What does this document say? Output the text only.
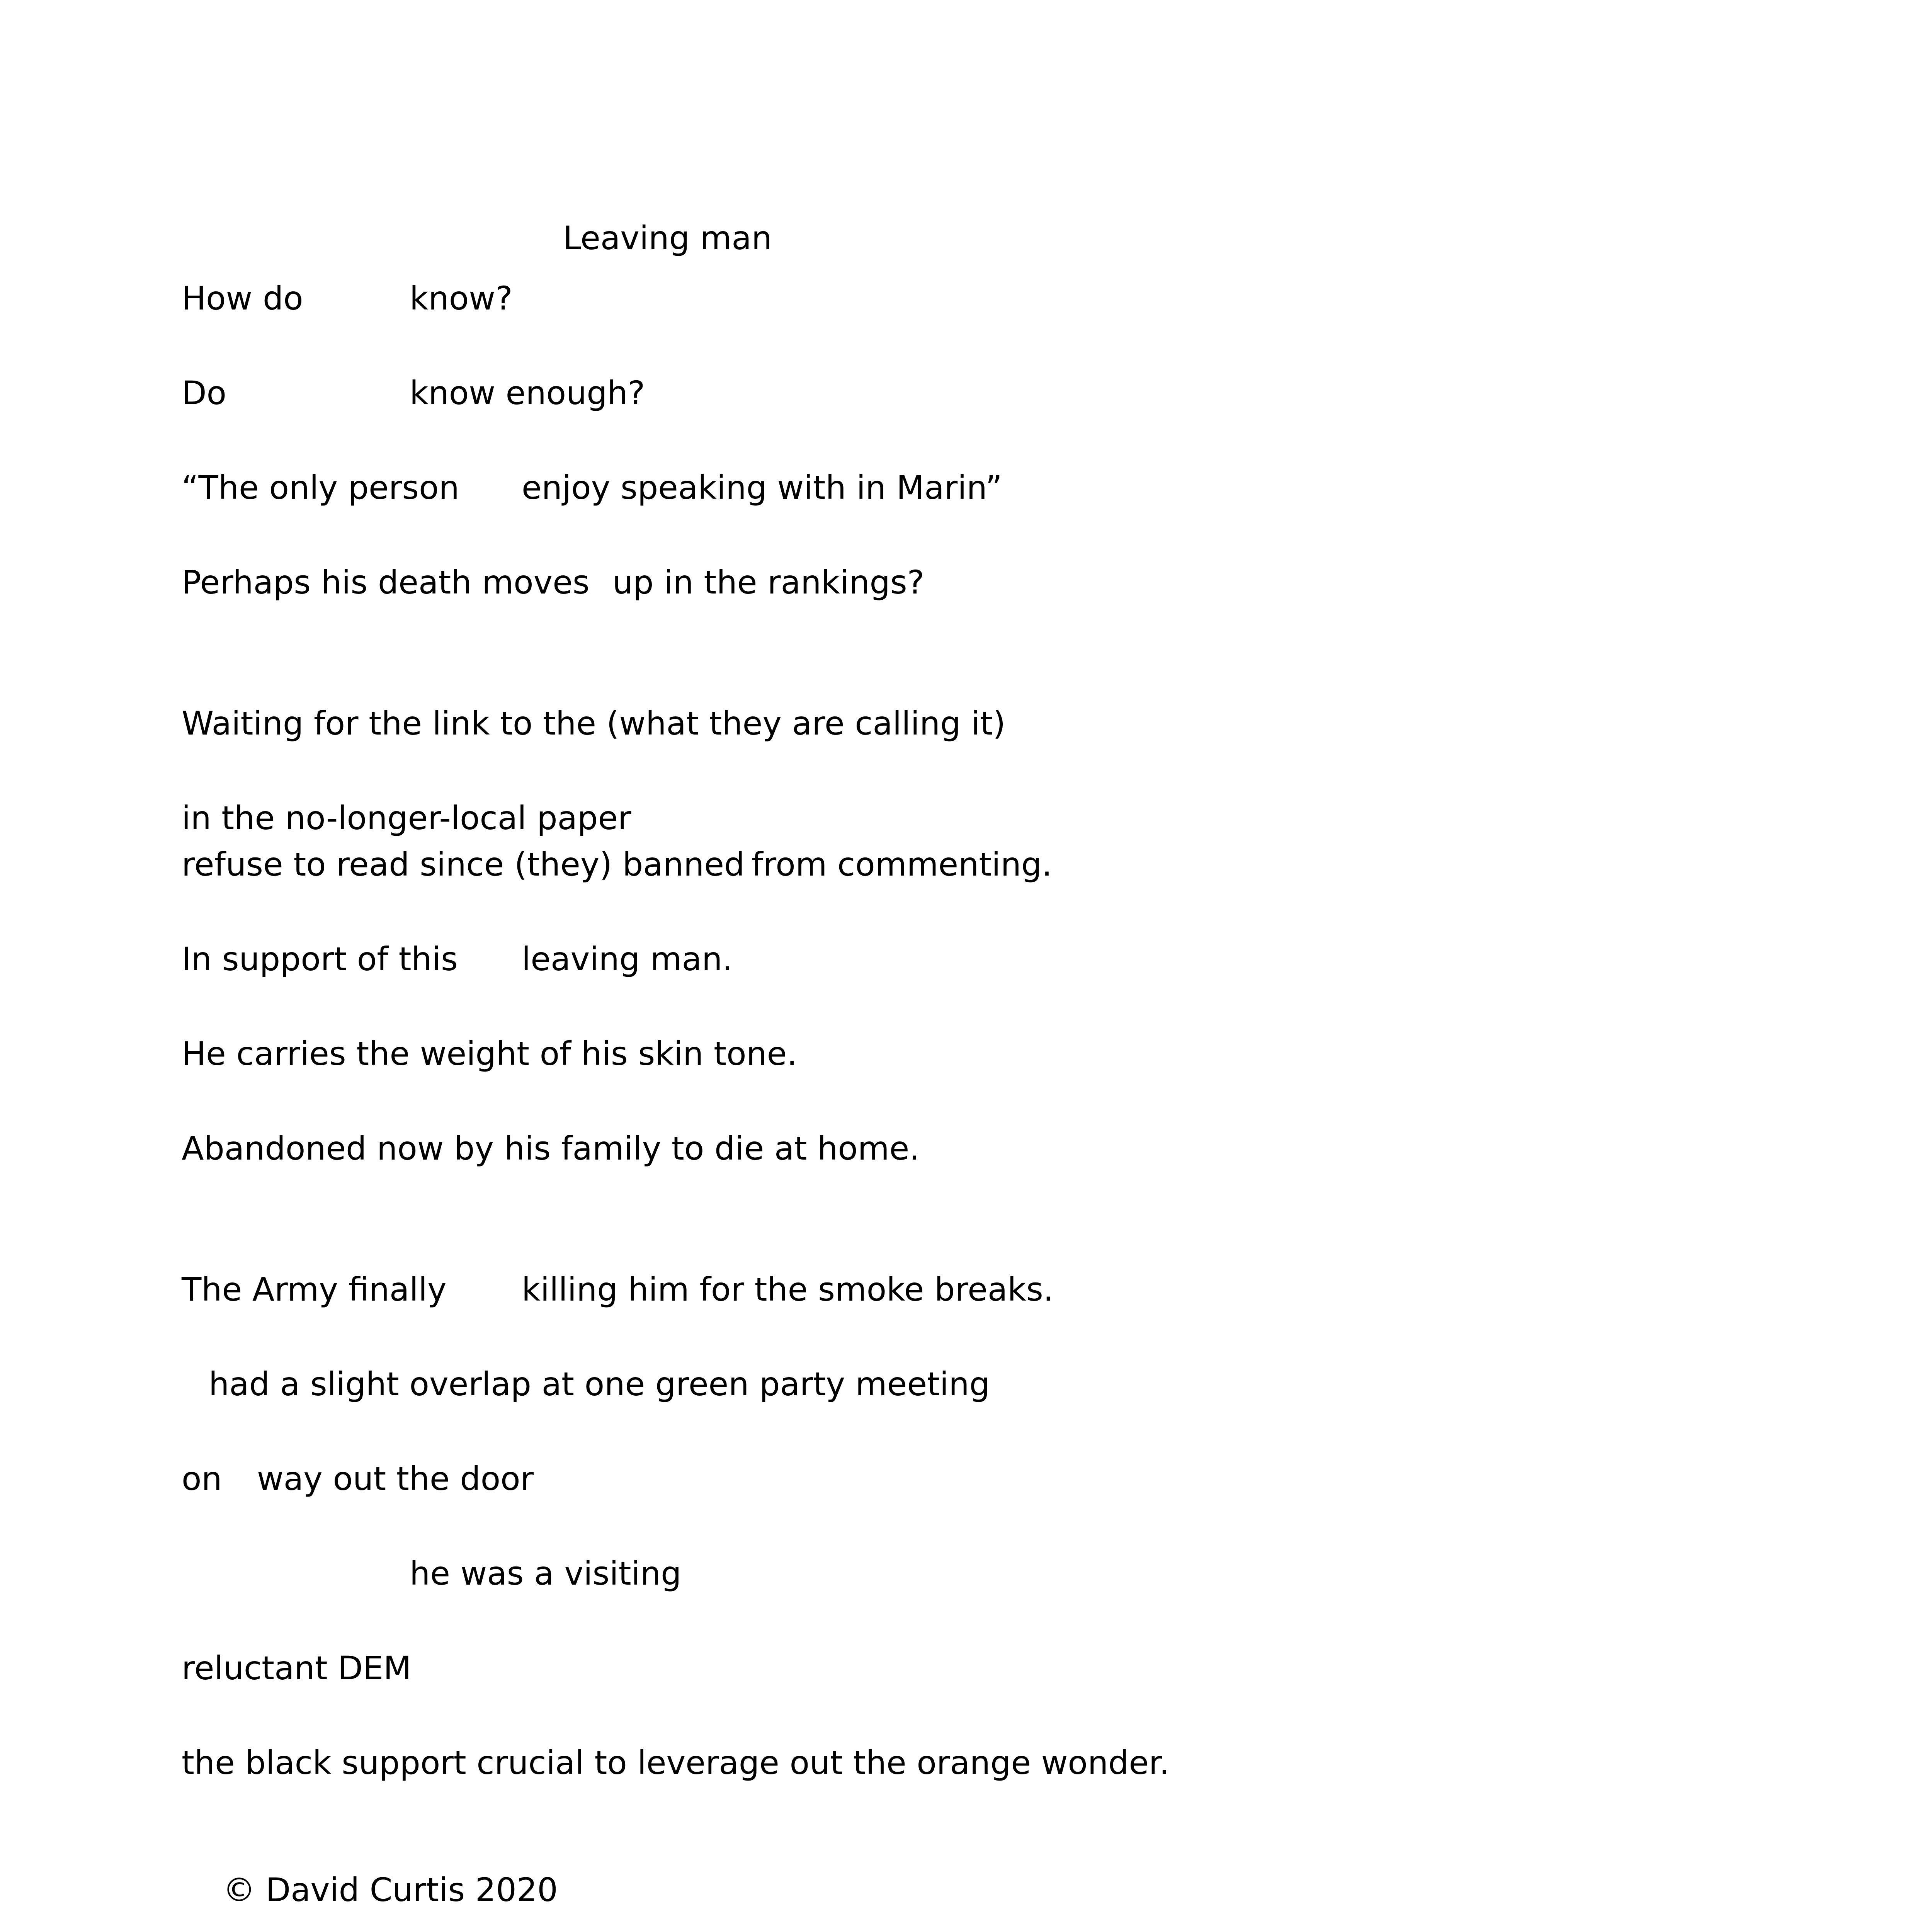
Leaving man

How do

	know?

Do

	know enough?

“The only person

enjoy speaking with in Marin”

Perhaps his death moves

up in the rankings?

Waiting for the link to the (what they are calling it)

in the no-longer-local paper

refuse to read since (they) banned

from commenting.

In support of this

leaving man.

He carries the weight of his skin tone.

Abandoned now by his family to die at home.

The Army finally

killing him for the smoke breaks.

had a slight overlap at one green party meeting

on

way out the door

he was a visiting

reluctant DEM

the black support crucial to leverage out the orange wonder.

© David Curtis 2020
